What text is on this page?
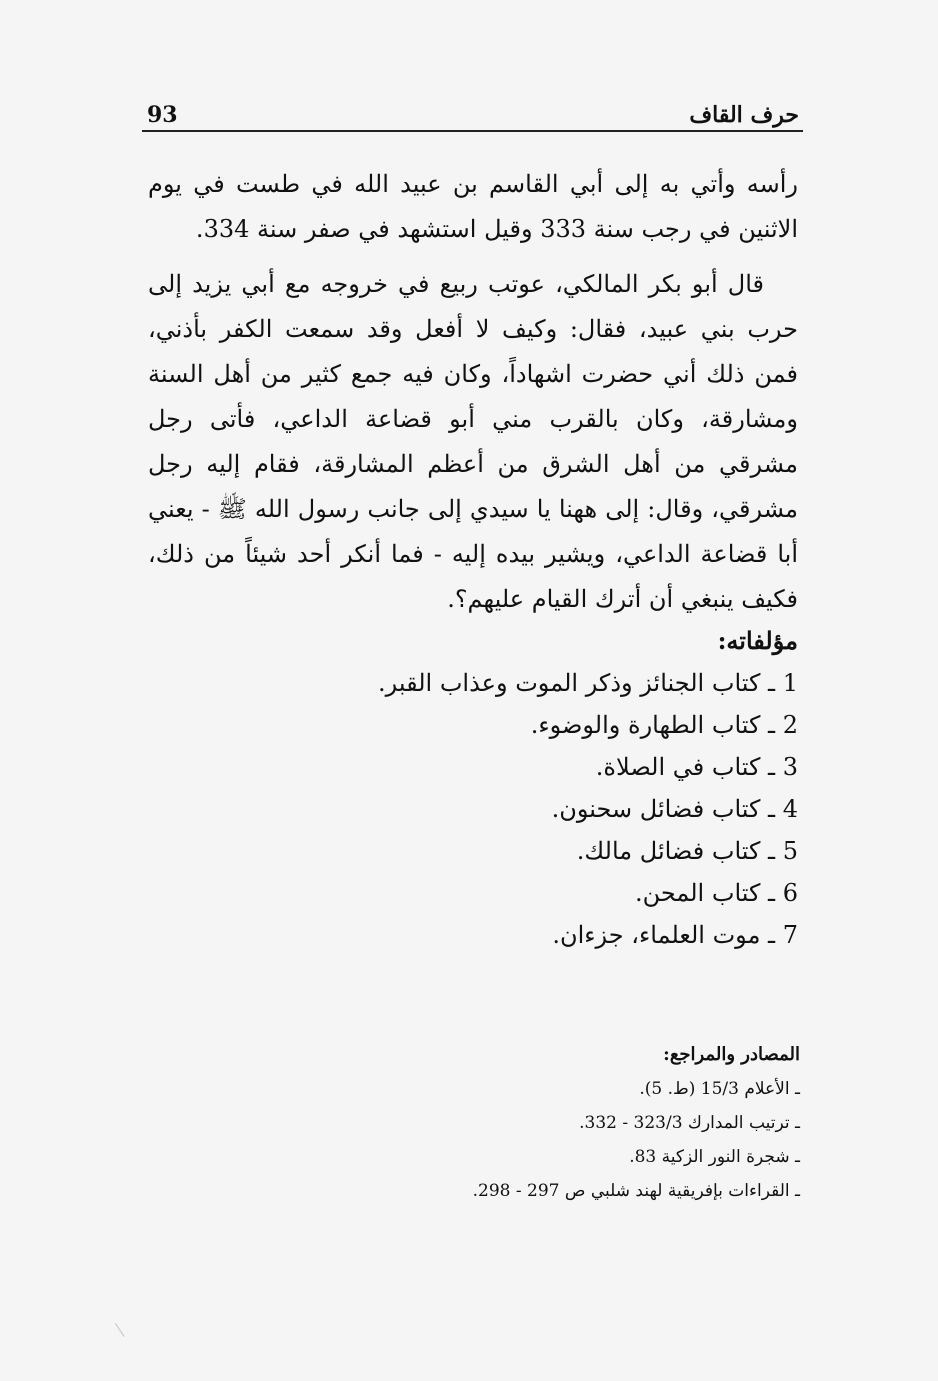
93	حرف القاف

رأسه وأتي به إلى أبي القاسم بن عبيد الله في طست في يوم الاثنين في رجب سنة 333 وقيل استشهد في صفر سنة 334.

قال أبو بكر المالكي، عوتب ربيع في خروجه مع أبي يزيد إلى حرب بني عبيد، فقال: وكيف لا أفعل وقد سمعت الكفر بأذني، فمن ذلك أني حضرت اشهاداً، وكان فيه جمع كثير من أهل السنة ومشارقة، وكان بالقرب مني أبو قضاعة الداعي، فأتى رجل مشرقي من أهل الشرق من أعظم المشارقة، فقام إليه رجل مشرقي، وقال: إلى ههنا يا سيدي إلى جانب رسول الله ﷺ - يعني أبا قضاعة الداعي، ويشير بيده إليه - فما أنكر أحد شيئاً من ذلك، فكيف ينبغي أن أترك القيام عليهم؟.

مؤلفاته:
1 ـ كتاب الجنائز وذكر الموت وعذاب القبر.
2 ـ كتاب الطهارة والوضوء.
3 ـ كتاب في الصلاة.
4 ـ كتاب فضائل سحنون.
5 ـ كتاب فضائل مالك.
6 ـ كتاب المحن.
7 ـ موت العلماء، جزءان.
المصادر والمراجع:
ـ الأعلام 15/3 (ط. 5).
ـ ترتيب المدارك 323/3 - 332.
ـ شجرة النور الزكية 83.
ـ القراءات بإفريقية لهند شلبي ص 297 - 298.
